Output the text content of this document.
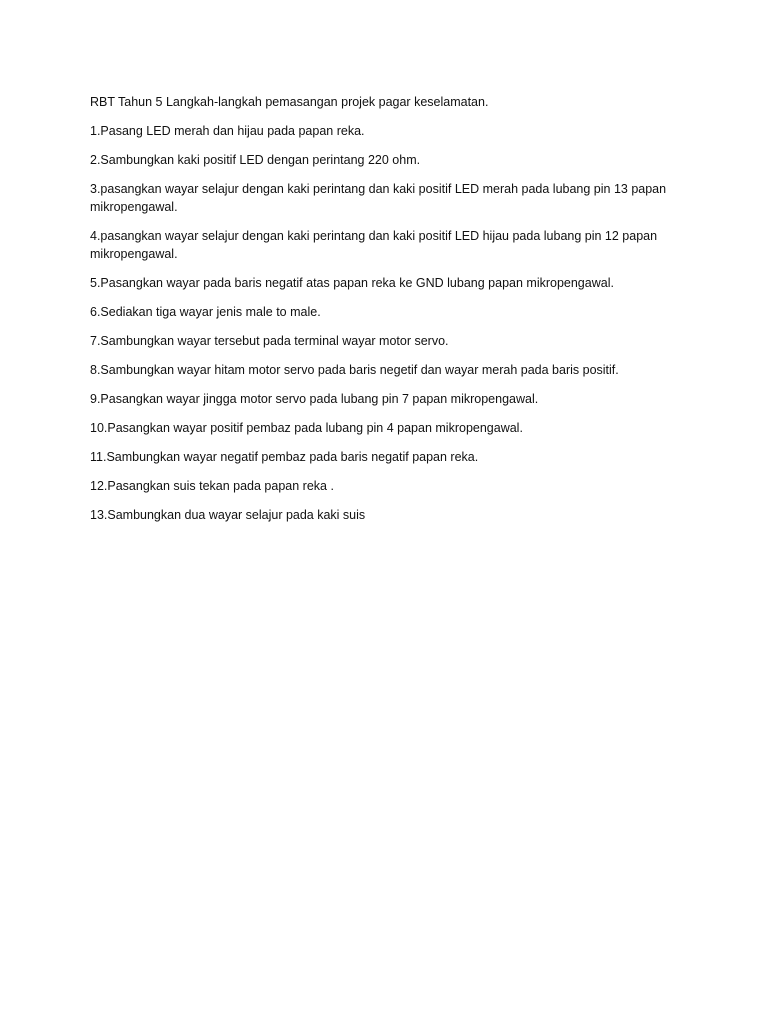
RBT Tahun 5 Langkah-langkah pemasangan projek pagar keselamatan.

1.Pasang LED merah dan hijau pada papan reka.
2.Sambungkan kaki positif LED dengan perintang 220 ohm.
3.pasangkan wayar selajur dengan kaki perintang dan kaki positif LED merah pada lubang pin 13 papan mikropengawal.
4.pasangkan wayar selajur dengan kaki perintang dan kaki positif LED hijau pada lubang pin 12 papan mikropengawal.
5.Pasangkan wayar pada baris negatif atas papan reka ke GND lubang papan mikropengawal.
6.Sediakan tiga wayar jenis male to male.
7.Sambungkan wayar tersebut pada terminal wayar motor servo.
8.Sambungkan wayar hitam motor servo pada baris negetif dan wayar merah pada baris positif.
9.Pasangkan wayar jingga motor servo pada lubang pin 7 papan mikropengawal.
10.Pasangkan wayar positif pembaz pada lubang pin 4 papan mikropengawal.
11.Sambungkan wayar negatif pembaz pada baris negatif papan reka.
12.Pasangkan suis tekan pada papan reka .
13.Sambungkan dua wayar selajur pada kaki suis
